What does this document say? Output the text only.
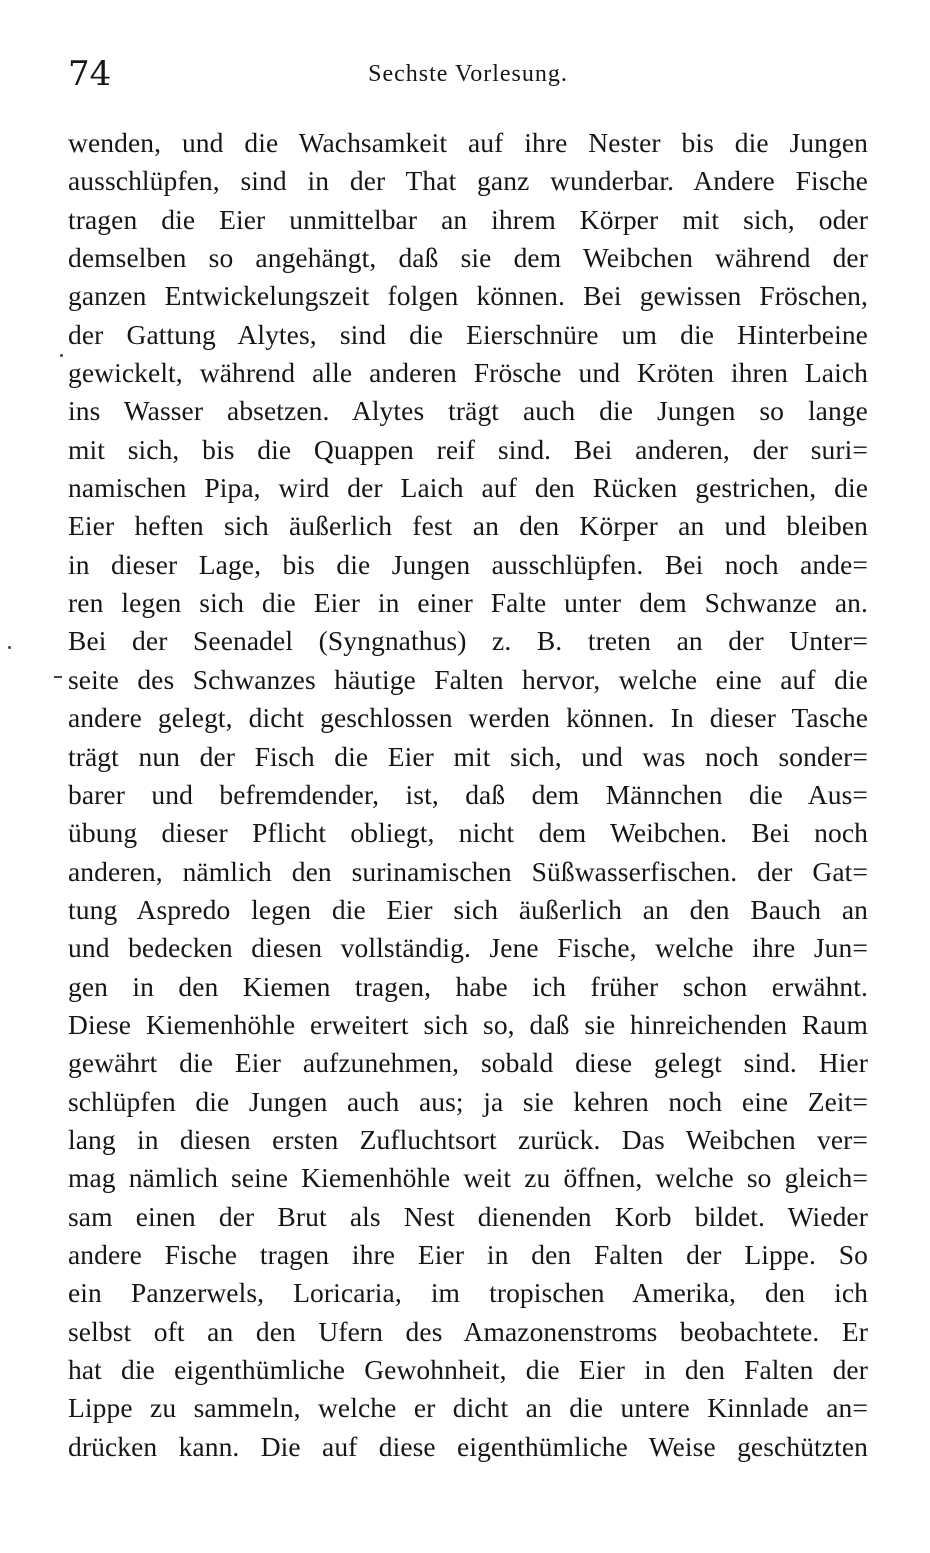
74	Sechste Vorlesung.
wenden, und die Wachsamkeit auf ihre Nester bis die Jungen
ausschlüpfen, sind in der That ganz wunderbar. Andere Fische
tragen die Eier unmittelbar an ihrem Körper mit sich, oder
demselben so angehängt, daß sie dem Weibchen während der
ganzen Entwickelungszeit folgen können. Bei gewissen Fröschen,
der Gattung Alytes, sind die Eierschnüre um die Hinterbeine
gewickelt, während alle anderen Frösche und Kröten ihren Laich
ins Wasser absetzen. Alytes trägt auch die Jungen so lange
mit sich, bis die Quappen reif sind. Bei anderen, der suri=
namischen Pipa, wird der Laich auf den Rücken gestrichen, die
Eier heften sich äußerlich fest an den Körper an und bleiben
in dieser Lage, bis die Jungen ausschlüpfen. Bei noch ande=
ren legen sich die Eier in einer Falte unter dem Schwanze an.
Bei der Seenadel (Syngnathus) z. B. treten an der Unter=
seite des Schwanzes häutige Falten hervor, welche eine auf die
andere gelegt, dicht geschlossen werden können. In dieser Tasche
trägt nun der Fisch die Eier mit sich, und was noch sonder=
barer und befremdender, ist, daß dem Männchen die Aus=
übung dieser Pflicht obliegt, nicht dem Weibchen. Bei noch
anderen, nämlich den surinamischen Süßwasserfischen. der Gat=
tung Aspredo legen die Eier sich äußerlich an den Bauch an
und bedecken diesen vollständig. Jene Fische, welche ihre Jun=
gen in den Kiemen tragen, habe ich früher schon erwähnt.
Diese Kiemenhöhle erweitert sich so, daß sie hinreichenden Raum
gewährt die Eier aufzunehmen, sobald diese gelegt sind. Hier
schlüpfen die Jungen auch aus; ja sie kehren noch eine Zeit=
lang in diesen ersten Zufluchtsort zurück. Das Weibchen ver=
mag nämlich seine Kiemenhöhle weit zu öffnen, welche so gleich=
sam einen der Brut als Nest dienenden Korb bildet. Wieder
andere Fische tragen ihre Eier in den Falten der Lippe. So
ein Panzerwels, Loricaria, im tropischen Amerika, den ich
selbst oft an den Ufern des Amazonenstroms beobachtete. Er
hat die eigenthümliche Gewohnheit, die Eier in den Falten der
Lippe zu sammeln, welche er dicht an die untere Kinnlade an=
drücken kann. Die auf diese eigenthümliche Weise geschützten
